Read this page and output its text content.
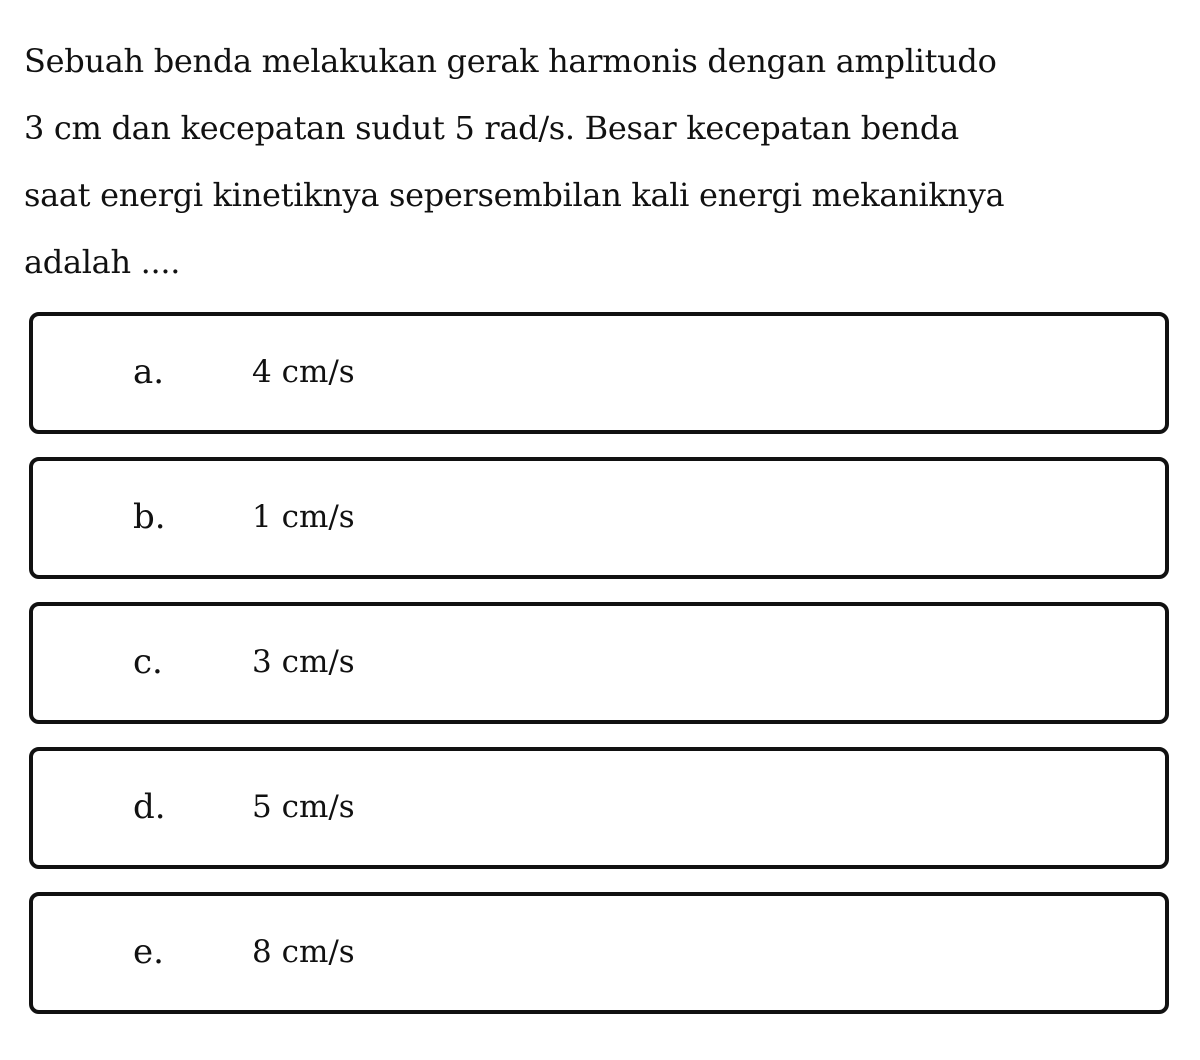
Sebuah benda melakukan gerak harmonis dengan amplitudo

3 cm dan kecepatan sudut 5 rad/s. Besar kecepatan benda

saat energi kinetiknya sepersembilan kali energi mekaniknya

adalah ....

a.	4 cm/s
b.	1 cm/s
c.	3 cm/s
d.	5 cm/s
e.	8 cm/s
